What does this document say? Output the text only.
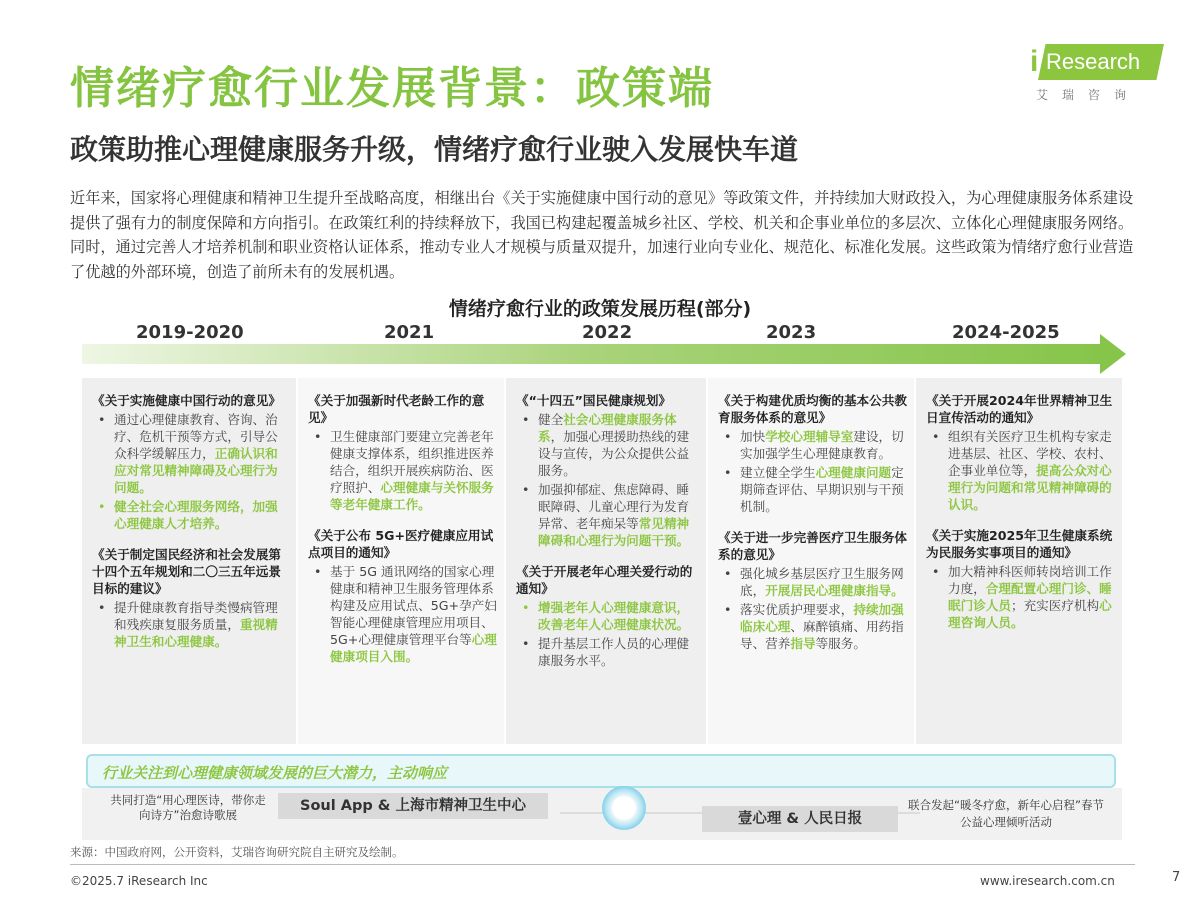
情绪疗愈行业发展背景：政策端
政策助推心理健康服务升级，情绪疗愈行业驶入发展快车道
i Research
艾瑞咨询
近年来，国家将心理健康和精神卫生提升至战略高度，相继出台《关于实施健康中国行动的意见》等政策文件，并持续加大财政投入，为心理健康服务体系建设提供了强有力的制度保障和方向指引。在政策红利的持续释放下，我国已构建起覆盖城乡社区、学校、机关和企事业单位的多层次、立体化心理健康服务网络。同时，通过完善人才培养机制和职业资格认证体系，推动专业人才规模与质量双提升，加速行业向专业化、规范化、标准化发展。这些政策为情绪疗愈行业营造了优越的外部环境，创造了前所未有的发展机遇。
情绪疗愈行业的政策发展历程(部分)
2019-2020	2021	2022	2023	2024-2025
《关于实施健康中国行动的意见》
• 通过心理健康教育、咨询、治疗、危机干预等方式，引导公众科学缓解压力，正确认识和应对常见精神障碍及心理行为问题。
• 健全社会心理服务网络，加强心理健康人才培养。
《关于制定国民经济和社会发展第十四个五年规划和二〇三五年远景目标的建议》
• 提升健康教育指导类慢病管理和残疾康复服务质量，重视精神卫生和心理健康。
《关于加强新时代老龄工作的意见》
• 卫生健康部门要建立完善老年健康支撑体系，组织推进医养结合，组织开展疾病防治、医疗照护、心理健康与关怀服务等老年健康工作。
《关于公布 5G+医疗健康应用试点项目的通知》
• 基于 5G 通讯网络的国家心理健康和精神卫生服务管理体系构建及应用试点、5G+孕产妇智能心理健康管理应用项目、5G+心理健康管理平台等心理健康项目入围。
《“十四五”国民健康规划》
• 健全社会心理健康服务体系，加强心理援助热线的建设与宣传，为公众提供公益服务。
• 加强抑郁症、焦虑障碍、睡眠障碍、儿童心理行为发育异常、老年痴呆等常见精神障碍和心理行为问题干预。
《关于开展老年心理关爱行动的通知》
• 增强老年人心理健康意识，改善老年人心理健康状况。
• 提升基层工作人员的心理健康服务水平。
《关于构建优质均衡的基本公共教育服务体系的意见》
• 加快学校心理辅导室建设，切实加强学生心理健康教育。
• 建立健全学生心理健康问题定期筛查评估、早期识别与干预机制。
《关于进一步完善医疗卫生服务体系的意见》
• 强化城乡基层医疗卫生服务网底，开展居民心理健康指导。
• 落实优质护理要求，持续加强临床心理、麻醉镇痛、用药指导、营养指导等服务。
《关于开展2024年世界精神卫生日宣传活动的通知》
• 组织有关医疗卫生机构专家走进基层、社区、学校、农村、企事业单位等，提高公众对心理行为问题和常见精神障碍的认识。
《关于实施2025年卫生健康系统为民服务实事项目的通知》
• 加大精神科医师转岗培训工作力度，合理配置心理门诊、睡眠门诊人员；充实医疗机构心理咨询人员。
行业关注到心理健康领域发展的巨大潜力，主动响应
共同打造“用心理医诗，带你走向诗方”治愈诗歌展
Soul App & 上海市精神卫生中心
壹心理 & 人民日报
联合发起“暖冬疗愈，新年心启程”春节公益心理倾听活动
来源：中国政府网，公开资料，艾瑞咨询研究院自主研究及绘制。
©2025.7 iResearch Inc	www.iresearch.com.cn	7
